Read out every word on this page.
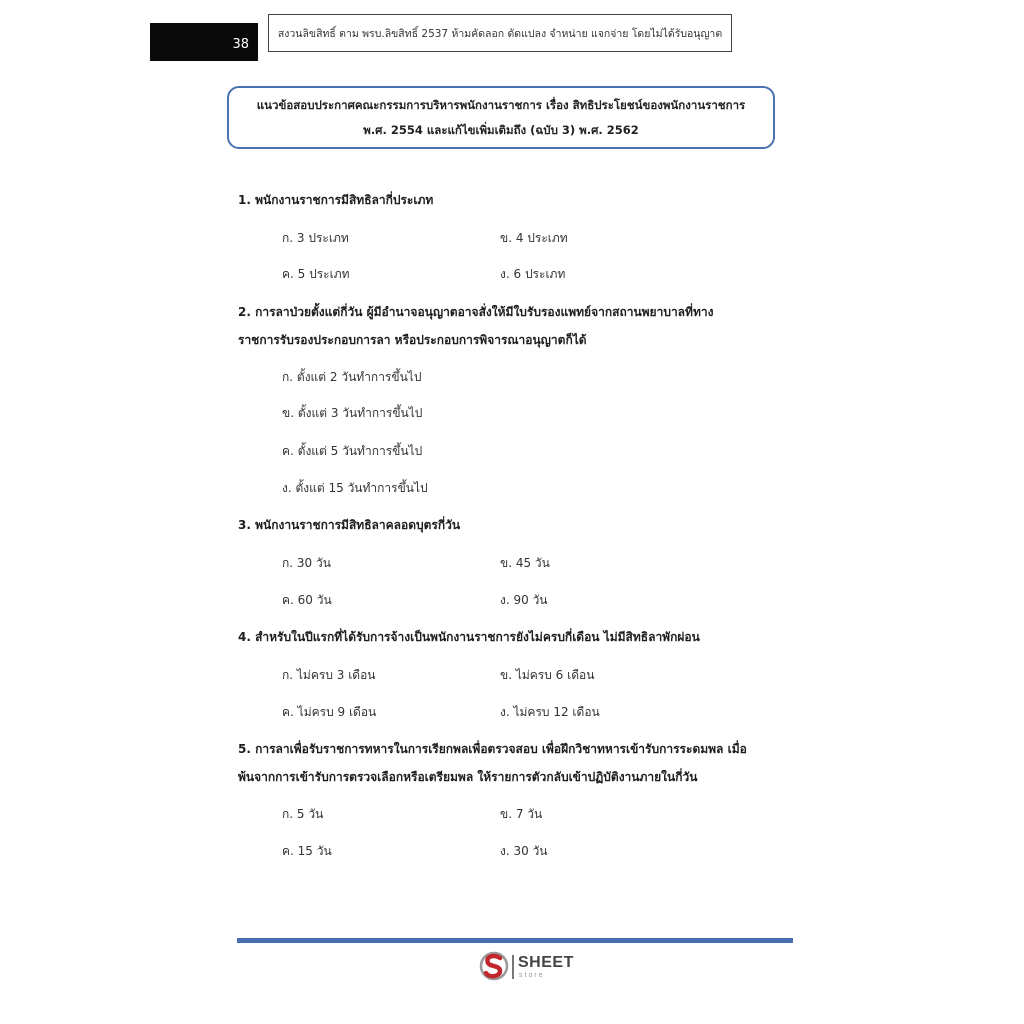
38
สงวนลิขสิทธิ์ ตาม พรบ.ลิขสิทธิ์ 2537 ห้ามคัดลอก ดัดแปลง จำหน่าย แจกจ่าย โดยไม่ได้รับอนุญาต
แนวข้อสอบประกาศคณะกรรมการบริหารพนักงานราชการ เรื่อง สิทธิประโยชน์ของพนักงานราชการ
พ.ศ. 2554 และแก้ไขเพิ่มเติมถึง (ฉบับ 3) พ.ศ. 2562
1. พนักงานราชการมีสิทธิลากี่ประเภท
ก. 3 ประเภท	ข. 4 ประเภท
ค. 5 ประเภท	ง. 6 ประเภท
2. การลาป่วยตั้งแต่กี่วัน ผู้มีอำนาจอนุญาตอาจสั่งให้มีใบรับรองแพทย์จากสถานพยาบาลที่ทาง
ราชการรับรองประกอบการลา หรือประกอบการพิจารณาอนุญาตก็ได้
ก. ตั้งแต่ 2 วันทำการขึ้นไป
ข. ตั้งแต่ 3 วันทำการขึ้นไป
ค. ตั้งแต่ 5 วันทำการขึ้นไป
ง. ตั้งแต่ 15 วันทำการขึ้นไป
3. พนักงานราชการมีสิทธิลาคลอดบุตรกี่วัน
ก. 30 วัน	ข. 45 วัน
ค. 60 วัน	ง. 90 วัน
4. สำหรับในปีแรกที่ได้รับการจ้างเป็นพนักงานราชการยังไม่ครบกี่เดือน ไม่มีสิทธิลาพักผ่อน
ก. ไม่ครบ 3 เดือน	ข. ไม่ครบ 6 เดือน
ค. ไม่ครบ 9 เดือน	ง. ไม่ครบ 12 เดือน
5. การลาเพื่อรับราชการทหารในการเรียกพลเพื่อตรวจสอบ เพื่อฝึกวิชาทหารเข้ารับการระดมพล เมื่อ
พ้นจากการเข้ารับการตรวจเลือกหรือเตรียมพล ให้รายการตัวกลับเข้าปฏิบัติงานภายในกี่วัน
ก. 5 วัน	ข. 7 วัน
ค. 15 วัน	ง. 30 วัน
SHEET
store
